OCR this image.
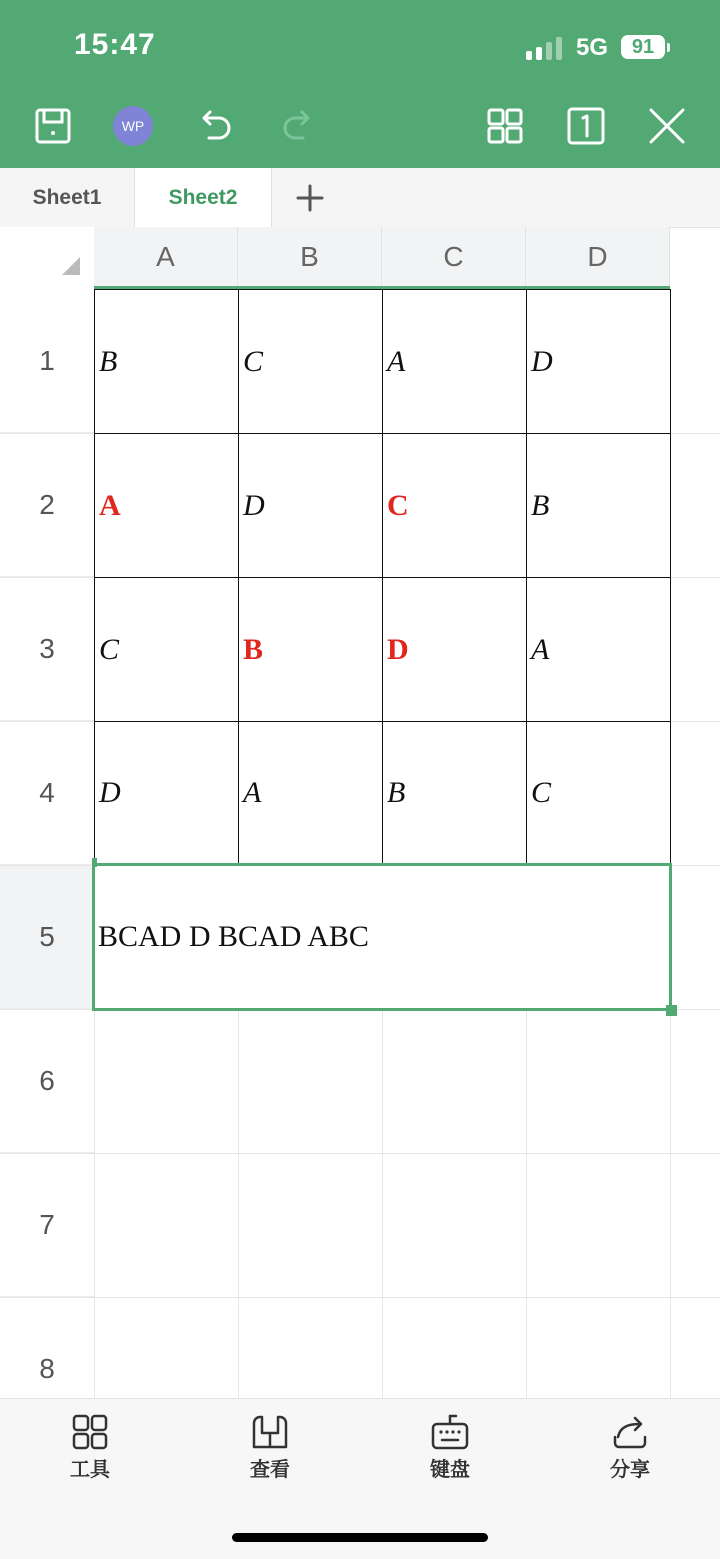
15:47	5G	91
WP
Sheet1	Sheet2
A	B	C	D
1
2
3
4
5
6
7
8
B	C	A	D
A	D	C	B
C	B	D	A
D	A	B	C
BCAD D BCAD ABC
工具	查看	键盘	分享
